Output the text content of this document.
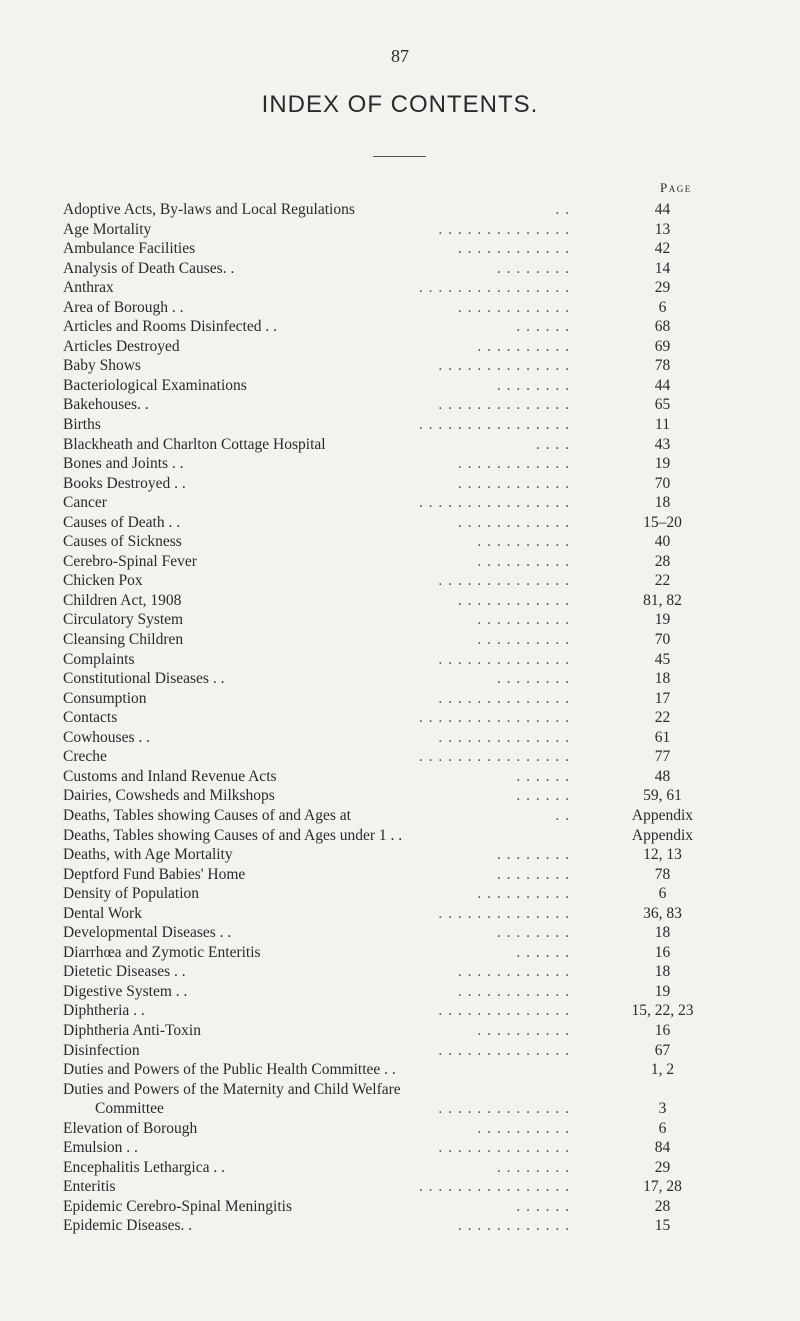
87
INDEX OF CONTENTS.
Page
Adoptive Acts, By-laws and Local Regulations	. .	44
Age Mortality	. . . . . . . . . . . . . .	13
Ambulance Facilities	. . . . . . . . . . . .	42
Analysis of Death Causes. .	. . . . . . . .	14
Anthrax	. . . . . . . . . . . . . . . .	29
Area of Borough . .	. . . . . . . . . . . .	6
Articles and Rooms Disinfected . .	. . . . . .	68
Articles Destroyed	. . . . . . . . . .	69
Baby Shows	. . . . . . . . . . . . . .	78
Bacteriological Examinations	. . . . . . . .	44
Bakehouses. .	. . . . . . . . . . . . . .	65
Births	. . . . . . . . . . . . . . . .	11
Blackheath and Charlton Cottage Hospital	. . . .	43
Bones and Joints . .	. . . . . . . . . . . .	19
Books Destroyed . .	. . . . . . . . . . . .	70
Cancer	. . . . . . . . . . . . . . . .	18
Causes of Death . .	. . . . . . . . . . . .	15–20
Causes of Sickness	. . . . . . . . . .	40
Cerebro-Spinal Fever	. . . . . . . . . .	28
Chicken Pox	. . . . . . . . . . . . . .	22
Children Act, 1908	. . . . . . . . . . . .	81, 82
Circulatory System	. . . . . . . . . .	19
Cleansing Children	. . . . . . . . . .	70
Complaints	. . . . . . . . . . . . . .	45
Constitutional Diseases . .	. . . . . . . .	18
Consumption	. . . . . . . . . . . . . .	17
Contacts	. . . . . . . . . . . . . . . .	22
Cowhouses . .	. . . . . . . . . . . . . .	61
Creche	. . . . . . . . . . . . . . . .	77
Customs and Inland Revenue Acts	. . . . . .	48
Dairies, Cowsheds and Milkshops	. . . . . .	59, 61
Deaths, Tables showing Causes of and Ages at	. .	Appendix
Deaths, Tables showing Causes of and Ages under 1 . .	Appendix
Deaths, with Age Mortality	. . . . . . . .	12, 13
Deptford Fund Babies' Home	. . . . . . . .	78
Density of Population	. . . . . . . . . .	6
Dental Work	. . . . . . . . . . . . . .	36, 83
Developmental Diseases . .	. . . . . . . .	18
Diarrhœa and Zymotic Enteritis	. . . . . .	16
Dietetic Diseases . .	. . . . . . . . . . . .	18
Digestive System . .	. . . . . . . . . . . .	19
Diphtheria . .	. . . . . . . . . . . . . .	15, 22, 23
Diphtheria Anti-Toxin	. . . . . . . . . .	16
Disinfection	. . . . . . . . . . . . . .	67
Duties and Powers of the Public Health Committee . .	1, 2
Duties and Powers of the Maternity and Child Welfare
Committee	. . . . . . . . . . . . . .	3
Elevation of Borough	. . . . . . . . . .	6
Emulsion . .	. . . . . . . . . . . . . .	84
Encephalitis Lethargica . .	. . . . . . . .	29
Enteritis	. . . . . . . . . . . . . . . .	17, 28
Epidemic Cerebro-Spinal Meningitis	. . . . . .	28
Epidemic Diseases. .	. . . . . . . . . . . .	15
